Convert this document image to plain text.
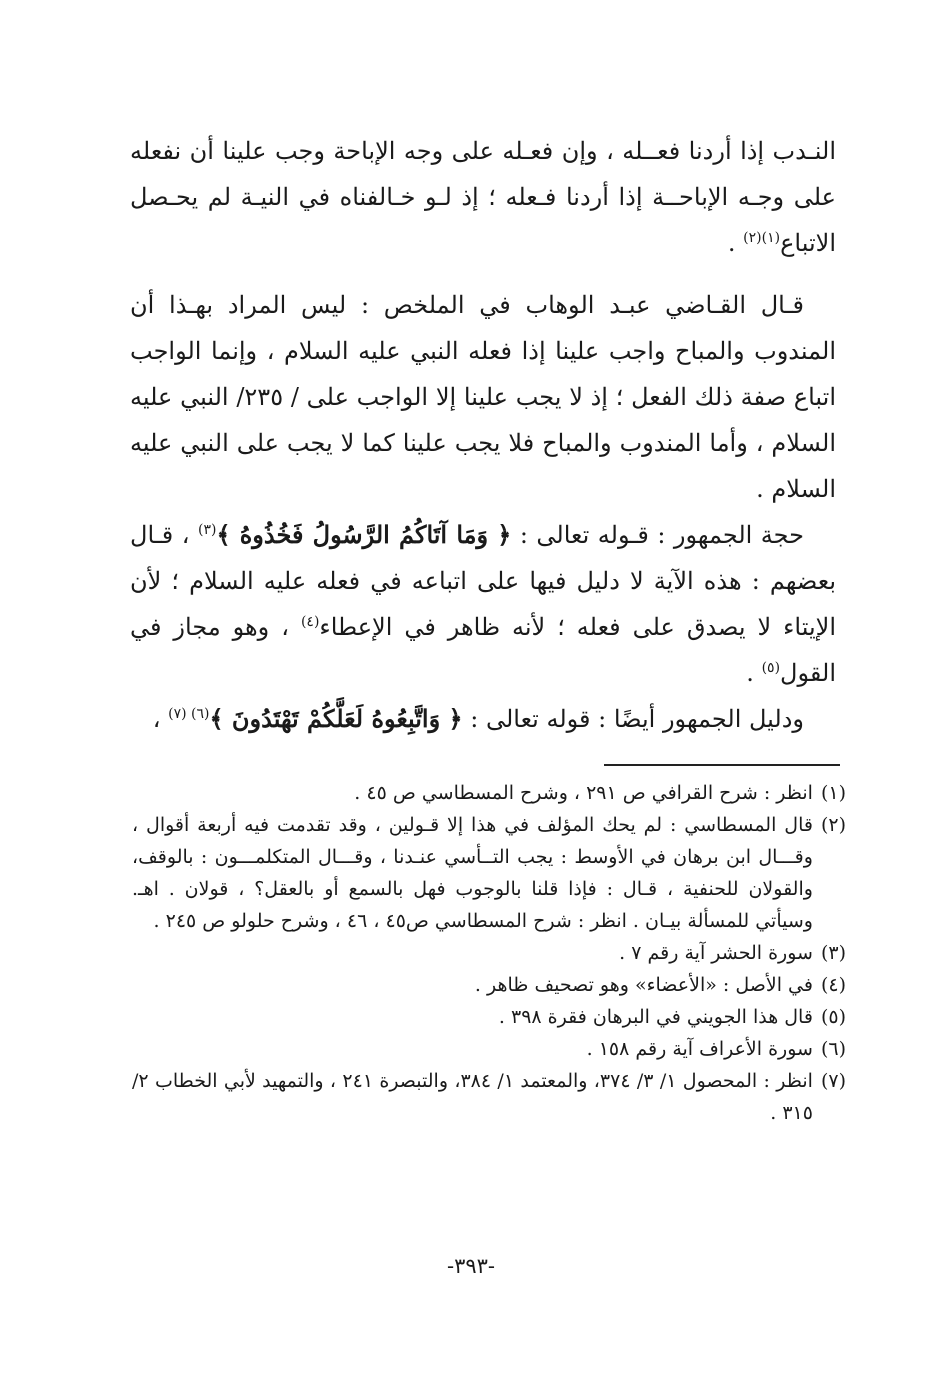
النـدب إذا أردنا فعــله ، وإن فعـله على وجه الإباحة وجب علينا أن نفعله على وجـه الإباحــة إذا أردنا فـعله ؛ إذ لـو خـالفناه في النيـة لم يحـصل الاتباع$^{(١)(٢)}$ .

قـال القـاضي عبـد الوهاب في الملخص : ليس المراد بهـذا أن المندوب والمباح واجب علينا إذا فعله النبي عليه السلام ، وإنما الواجب اتباع صفة ذلك الفعل ؛ إذ لا يجب علينا إلا الواجب على / ٢٣٥/ النبي عليه السلام ، وأما المندوب والمباح فلا يجب علينا كما لا يجب على النبي عليه السلام .

حجة الجمهور : قـوله تعالى : ﴿ وَمَا آتَاكُمُ الرَّسُولُ فَخُذُوهُ ﴾$^{(٣)}$ ، قـال بعضهم : هذه الآية لا دليل فيها على اتباعه في فعله عليه السلام ؛ لأن الإيتاء لا يصدق على فعله ؛ لأنه ظاهر في الإعطاء$^{(٤)}$ ، وهو مجاز في القول$^{(٥)}$ .

ودليل الجمهور أيضًا : قوله تعالى : ﴿ وَاتَّبِعُوهُ لَعَلَّكُمْ تَهْتَدُونَ ﴾$^{(٦) (٧)}$ ،

(١)
انظر : شرح القرافي ص ٢٩١ ، وشرح المسطاسي ص ٤٥ .
(٢)
قال المسطاسي : لم يحك المؤلف في هذا إلا قـولين ، وقد تقدمت فيه أربعة أقوال ، وقـــال ابن برهان في الأوسط : يجب التــأسي عنـدنا ، وقـــال المتكلمـــون : بالوقف، والقولان للحنفية ، قـال : فإذا قلنا بالوجوب فهل بالسمع أو بالعقل؟ ، قولان . اهـ. وسيأتي للمسألة بيـان . انظر : شرح المسطاسي ص٤٥ ، ٤٦ ، وشرح حلولو ص ٢٤٥ .
(٣)
سورة الحشر آية رقم ٧ .
(٤)
في الأصل : «الأعضاء» وهو تصحيف ظاهر .
(٥)
قال هذا الجويني في البرهان فقرة ٣٩٨ .
(٦)
سورة الأعراف آية رقم ١٥٨ .
(٧)
انظر : المحصول ١/ ٣/ ٣٧٤، والمعتمد ١/ ٣٨٤، والتبصرة ٢٤١ ، والتمهيد لأبي الخطاب ٢/ ٣١٥ .
-٣٩٣-
